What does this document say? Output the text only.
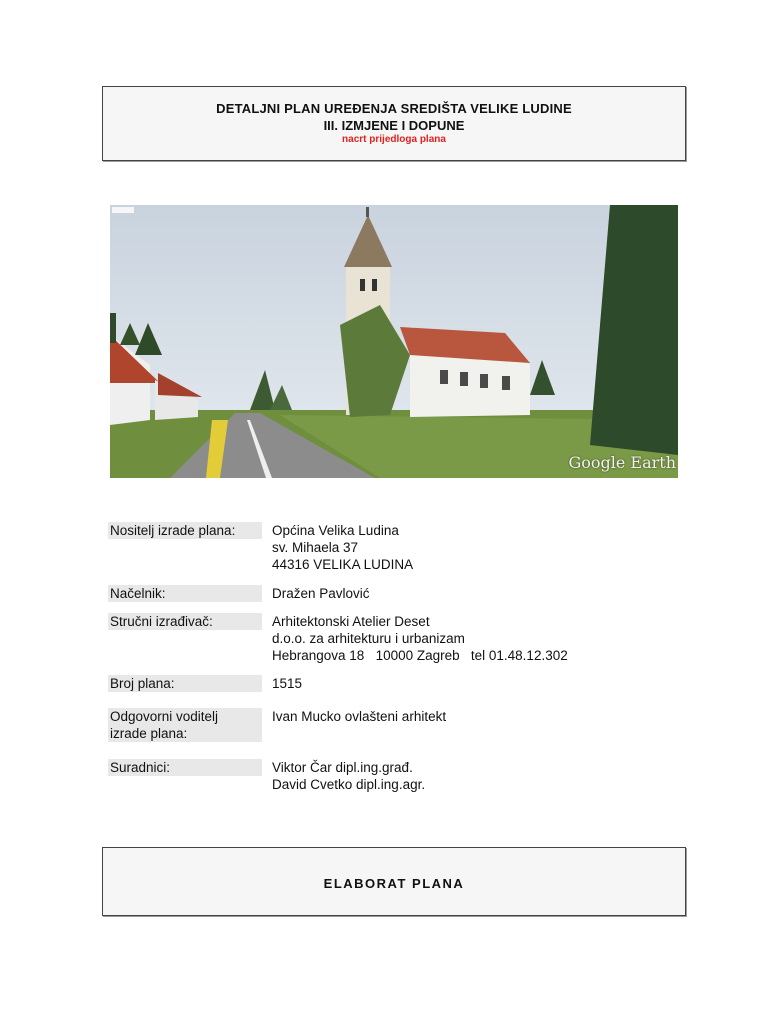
DETALJNI PLAN UREĐENJA SREDIŠTA VELIKE LUDINE
III. IZMJENE I DOPUNE
nacrt prijedloga plana
Google Earth
Nositelj izrade plana:	Općina Velika Ludina
sv. Mihaela 37
44316 VELIKA LUDINA
Načelnik:	Dražen Pavlović
Stručni izrađivač:	Arhitektonski Atelier Deset
d.o.o. za arhitekturu i urbanizam
Hebrangova 18   10000 Zagreb   tel 01.48.12.302
Broj plana:	1515
Odgovorni voditelj
izrade plana:
Ivan Mucko ovlašteni arhitekt
Suradnici:	Viktor Čar dipl.ing.građ.
David Cvetko dipl.ing.agr.
ELABORAT PLANA
